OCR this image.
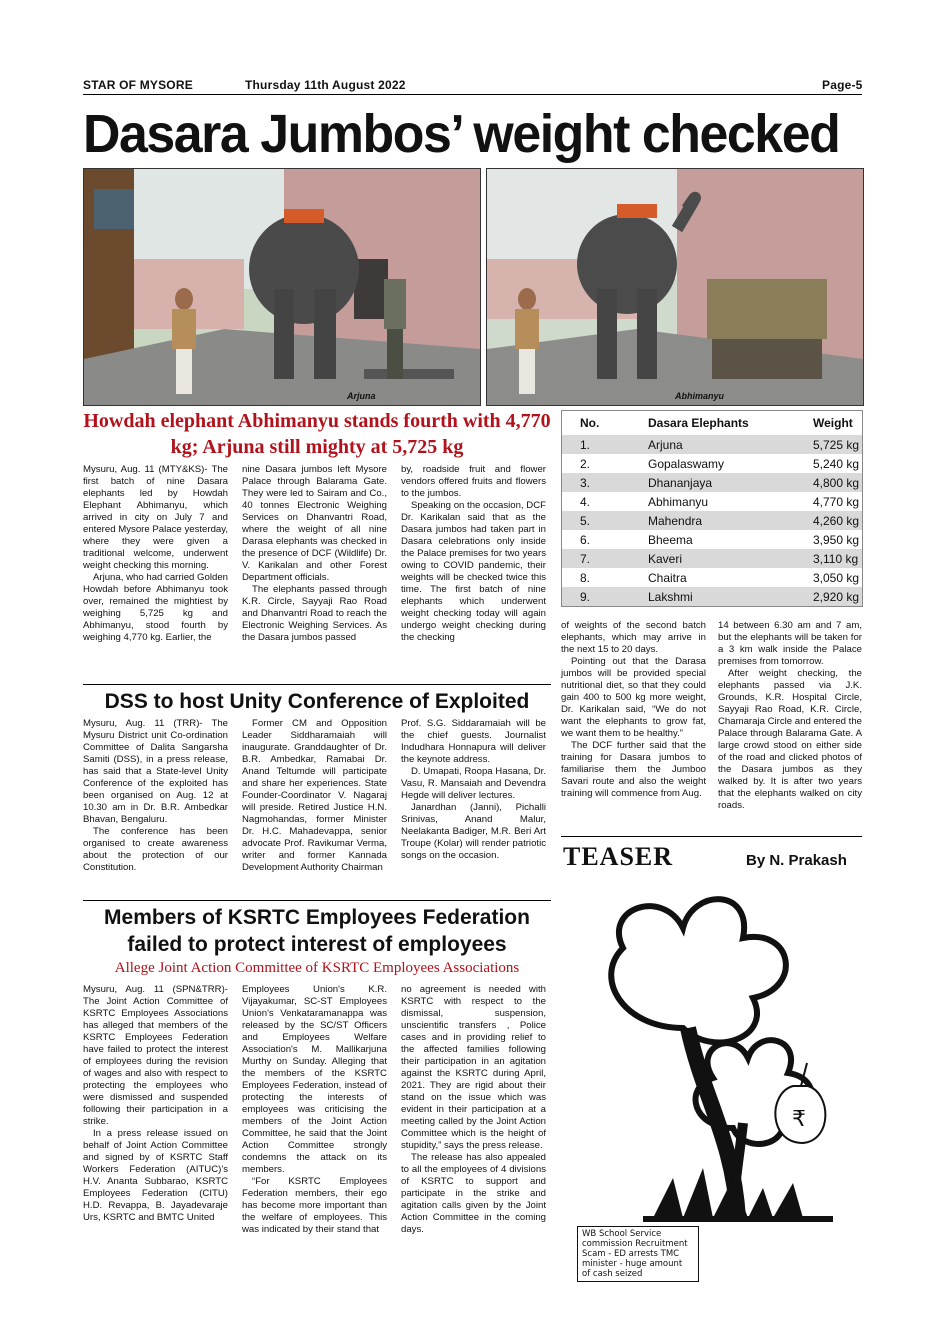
STAR OF MYSORE	Thursday 11th August 2022	Page-5
Dasara Jumbos’ weight checked
Arjuna	Abhimanyu
Howdah elephant Abhimanyu stands fourth with 4,770 kg; Arjuna still mighty at 5,725 kg

Mysuru, Aug. 11 (MTY&KS)- The first batch of nine Dasara elephants led by Howdah Elephant Abhimanyu, which arrived in city on July 7 and entered Mysore Palace yesterday, where they were given a traditional welcome, underwent weight checking this morning.

Arjuna, who had carried Golden Howdah before Abhimanyu took over, remained the mightiest by weighing 5,725 kg and Abhimanyu, stood fourth by weighing 4,770 kg. Earlier, the

nine Dasara jumbos left Mysore Palace through Balarama Gate. They were led to Sairam and Co., 40 tonnes Electronic Weighing Services on Dhanvantri Road, where the weight of all nine Darasa elephants was checked in the presence of DCF (Wildlife) Dr. V. Karikalan and other Forest Department officials.

The elephants passed through K.R. Circle, Sayyaji Rao Road and Dhanvantri Road to reach the Electronic Weighing Services. As the Dasara jumbos passed

by, roadside fruit and flower vendors offered fruits and flowers to the jumbos.

Speaking on the occasion, DCF Dr. Karikalan said that as the Dasara jumbos had taken part in Dasara celebrations only inside the Palace premises for two years owing to COVID pandemic, their weights will be checked twice this time. The first batch of nine elephants which underwent weight checking today will again undergo weight checking during the checking

No.	Dasara Elephants	Weight
1.	Arjuna	5,725 kg
2.	Gopalaswamy	5,240 kg
3.	Dhananjaya	4,800 kg
4.	Abhimanyu	4,770 kg
5.	Mahendra	4,260 kg
6.	Bheema	3,950 kg
7.	Kaveri	3,110 kg
8.	Chaitra	3,050 kg
9.	Lakshmi	2,920 kg

of weights of the second batch elephants, which may arrive in the next 15 to 20 days.

Pointing out that the Darasa jumbos will be provided special nutritional diet, so that they could gain 400 to 500 kg more weight, Dr. Karikalan said, “We do not want the elephants to grow fat, we want them to be healthy.”

The DCF further said that the training for Dasara jumbos to familiarise them the Jumboo Savari route and also the weight training will commence from Aug.

14 between 6.30 am and 7 am, but the elephants will be taken for a 3 km walk inside the Palace premises from tomorrow.

After weight checking, the elephants passed via J.K. Grounds, K.R. Hospital Circle, Sayyaji Rao Road, K.R. Circle, Chamaraja Circle and entered the Palace through Balarama Gate. A large crowd stood on either side of the road and clicked photos of the Dasara jumbos as they walked by. It is after two years that the elephants walked on city roads.

DSS to host Unity Conference of Exploited

Mysuru, Aug. 11 (TRR)- The Mysuru District unit Co-ordination Committee of Dalita Sangarsha Samiti (DSS), in a press release, has said that a State-level Unity Conference of the exploited has been organised on Aug. 12 at 10.30 am in Dr. B.R. Ambedkar Bhavan, Bengaluru.

The conference has been organised to create awareness about the protection of our Constitution.

Former CM and Opposition Leader Siddharamaiah will inaugurate. Granddaughter of Dr. B.R. Ambedkar, Ramabai Dr. Anand Teltumde will participate and share her experiences. State Founder-Coordinator V. Nagaraj will preside. Retired Justice H.N. Nagmohandas, former Minister Dr. H.C. Mahadevappa, senior advocate Prof. Ravikumar Verma, writer and former Kannada Development Authority Chairman

Prof. S.G. Siddaramaiah will be the chief guests. Journalist Indudhara Honnapura will deliver the keynote address.

D. Umapati, Roopa Hasana, Dr. Vasu, R. Mansaiah and Devendra Hegde will deliver lectures.

Janardhan (Janni), Pichalli Srinivas, Anand Malur, Neelakanta Badiger, M.R. Beri Art Troupe (Kolar) will render patriotic songs on the occasion.

Members of KSRTC Employees Federation failed to protect interest of employees
Allege Joint Action Committee of KSRTC Employees Associations

Mysuru, Aug. 11 (SPN&TRR)- The Joint Action Committee of KSRTC Employees Associations has alleged that members of the KSRTC Employees Federation have failed to protect the interest of employees during the revision of wages and also with respect to protecting the employees who were dismissed and suspended following their participation in a strike.

In a press release issued on behalf of Joint Action Committee and signed by of KSRTC Staff Workers Federation (AITUC)'s H.V. Ananta Subbarao, KSRTC Employees Federation (CITU) H.D. Revappa, B. Jayadevaraje Urs, KSRTC and BMTC United

Employees Union's K.R. Vijayakumar, SC-ST Employees Union's Venkataramanappa was released by the SC/ST Officers and Employees Welfare Association's M. Mallikarjuna Murthy on Sunday. Alleging that the members of the KSRTC Employees Federation, instead of protecting the interests of employees was criticising the members of the Joint Action Committee, he said that the Joint Action Committee strongly condemns the attack on its members.

“For KSRTC Employees Federation members, their ego has become more important than the welfare of employees. This was indicated by their stand that

no agreement is needed with KSRTC with respect to the dismissal, suspension, unscientific transfers , Police cases and in providing relief to the affected families following their participation in an agitation against the KSRTC during April, 2021. They are rigid about their stand on the issue which was evident in their participation at a meeting called by the Joint Action Committee which is the height of stupidity,” says the press release.

The release has also appealed to all the employees of 4 divisions of KSRTC to support and participate in the strike and agitation calls given by the Joint Action Committee in the coming days.

TEASER	By N. Prakash
₹
WB School Service
commission Recruitment
Scam - ED arrests TMC
minister - huge amount
of cash seized
